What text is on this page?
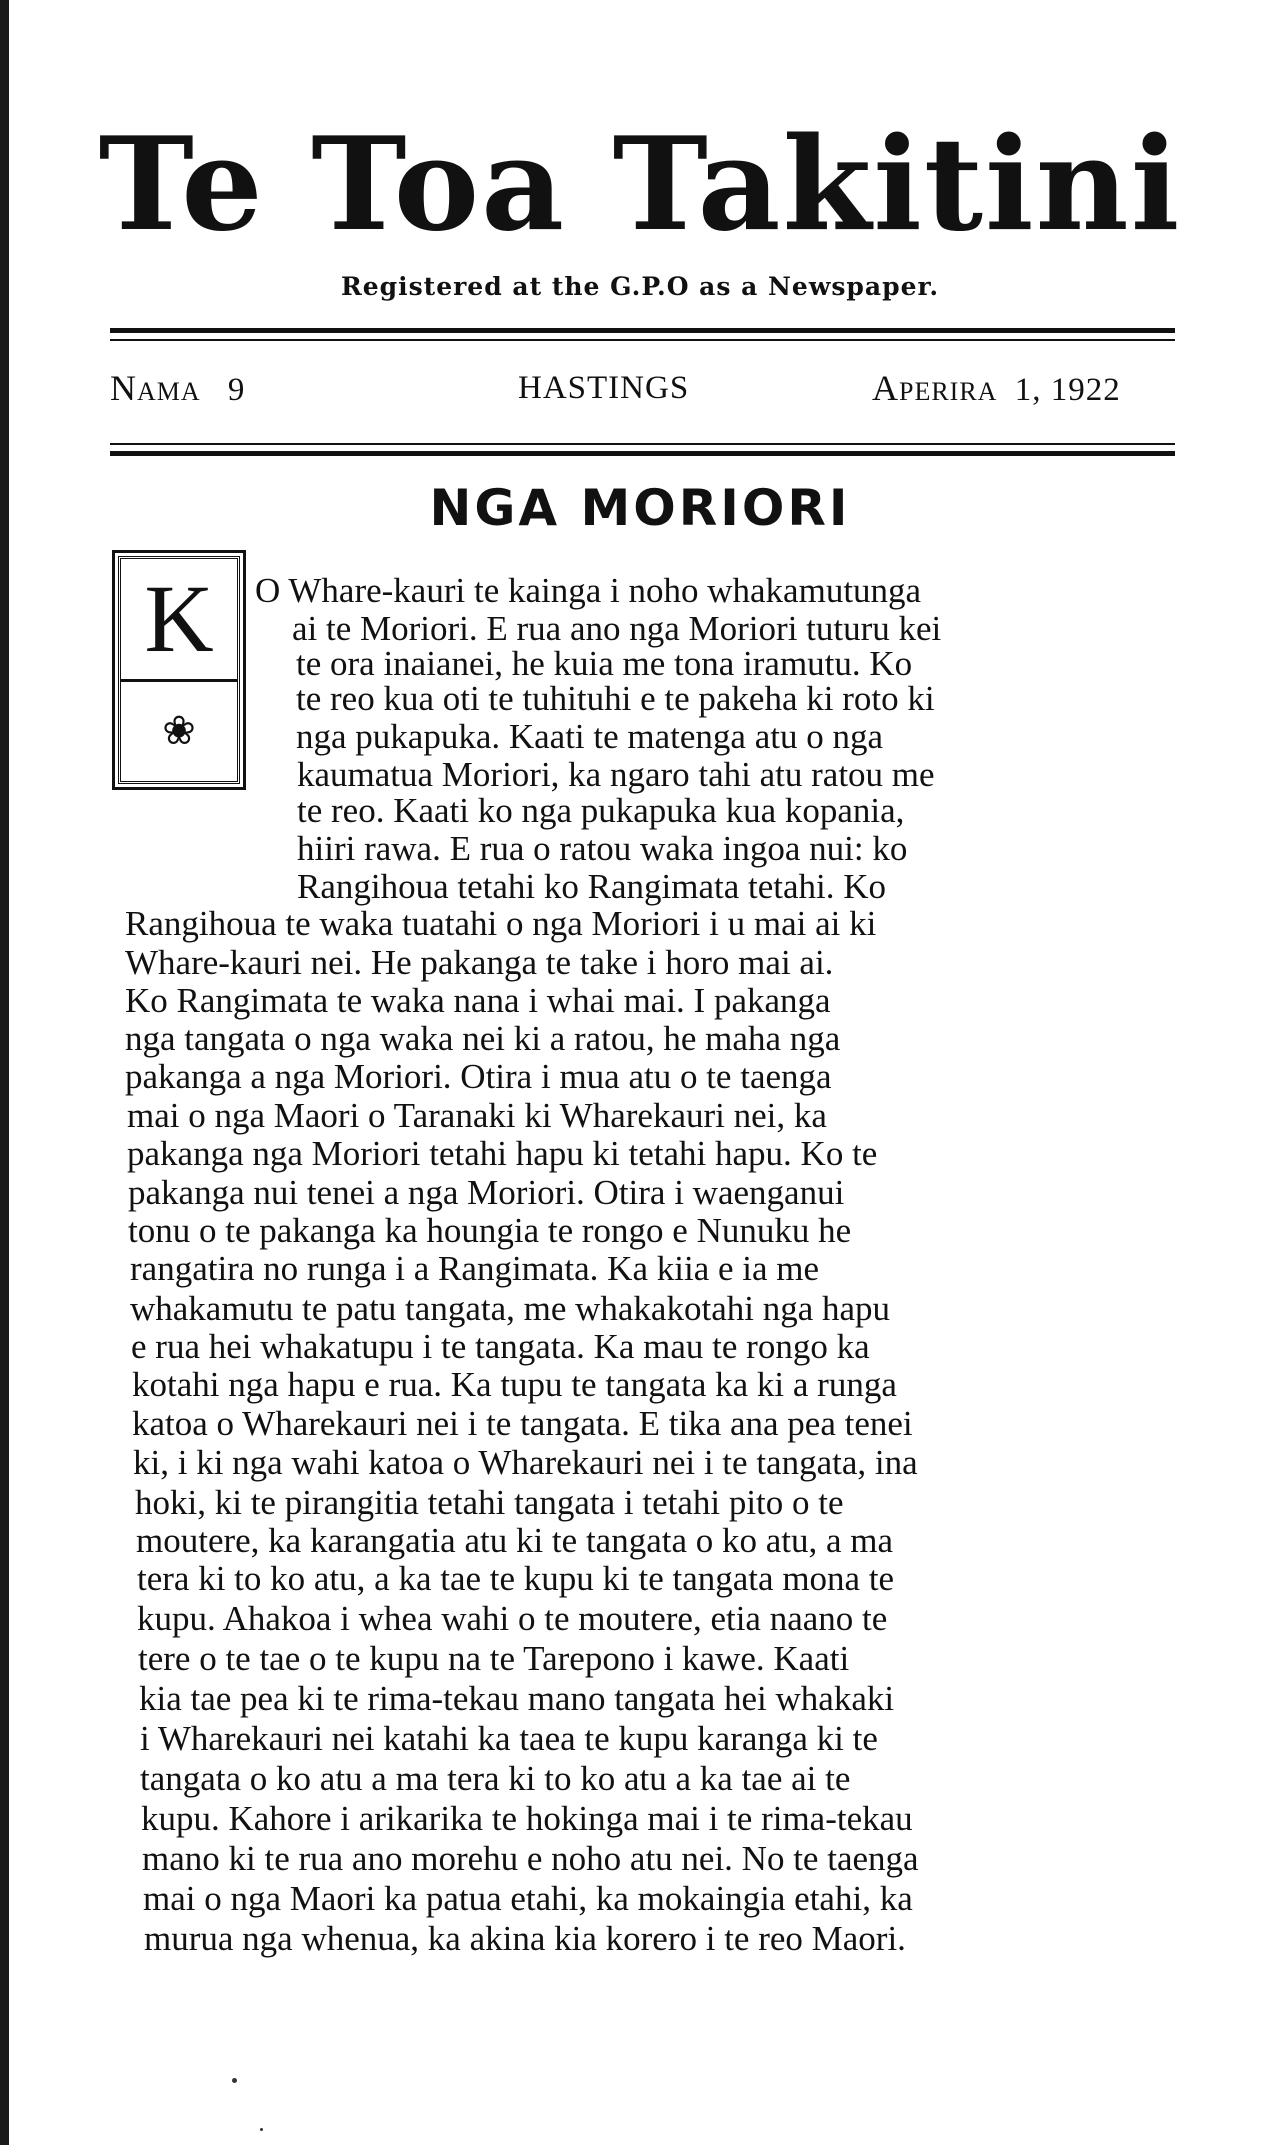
Te Toa Takitini
Registered at the G.P.O as a Newspaper.
NAMA 9	HASTINGS	APERIRA 1, 1922
NGA MORIORI
K
❀
O Whare-kauri te kainga i noho whakamutunga
ai te Moriori. E rua ano nga Moriori tuturu kei
te ora inaianei, he kuia me tona iramutu. Ko
te reo kua oti te tuhituhi e te pakeha ki roto ki
nga pukapuka. Kaati te matenga atu o nga
kaumatua Moriori, ka ngaro tahi atu ratou me
te reo. Kaati ko nga pukapuka kua kopania,
hiiri rawa. E rua o ratou waka ingoa nui: ko
Rangihoua tetahi ko Rangimata tetahi. Ko
Rangihoua te waka tuatahi o nga Moriori i u mai ai ki
Whare-kauri nei. He pakanga te take i horo mai ai.
Ko Rangimata te waka nana i whai mai. I pakanga
nga tangata o nga waka nei ki a ratou, he maha nga
pakanga a nga Moriori. Otira i mua atu o te taenga
mai o nga Maori o Taranaki ki Wharekauri nei, ka
pakanga nga Moriori tetahi hapu ki tetahi hapu. Ko te
pakanga nui tenei a nga Moriori. Otira i waenganui
tonu o te pakanga ka houngia te rongo e Nunuku he
rangatira no runga i a Rangimata. Ka kiia e ia me
whakamutu te patu tangata, me whakakotahi nga hapu
e rua hei whakatupu i te tangata. Ka mau te rongo ka
kotahi nga hapu e rua. Ka tupu te tangata ka ki a runga
katoa o Wharekauri nei i te tangata. E tika ana pea tenei
ki, i ki nga wahi katoa o Wharekauri nei i te tangata, ina
hoki, ki te pirangitia tetahi tangata i tetahi pito o te
moutere, ka karangatia atu ki te tangata o ko atu, a ma
tera ki to ko atu, a ka tae te kupu ki te tangata mona te
kupu. Ahakoa i whea wahi o te moutere, etia naano te
tere o te tae o te kupu na te Tarepono i kawe. Kaati
kia tae pea ki te rima-tekau mano tangata hei whakaki
i Wharekauri nei katahi ka taea te kupu karanga ki te
tangata o ko atu a ma tera ki to ko atu a ka tae ai te
kupu. Kahore i arikarika te hokinga mai i te rima-tekau
mano ki te rua ano morehu e noho atu nei. No te taenga
mai o nga Maori ka patua etahi, ka mokaingia etahi, ka
murua nga whenua, ka akina kia korero i te reo Maori.
